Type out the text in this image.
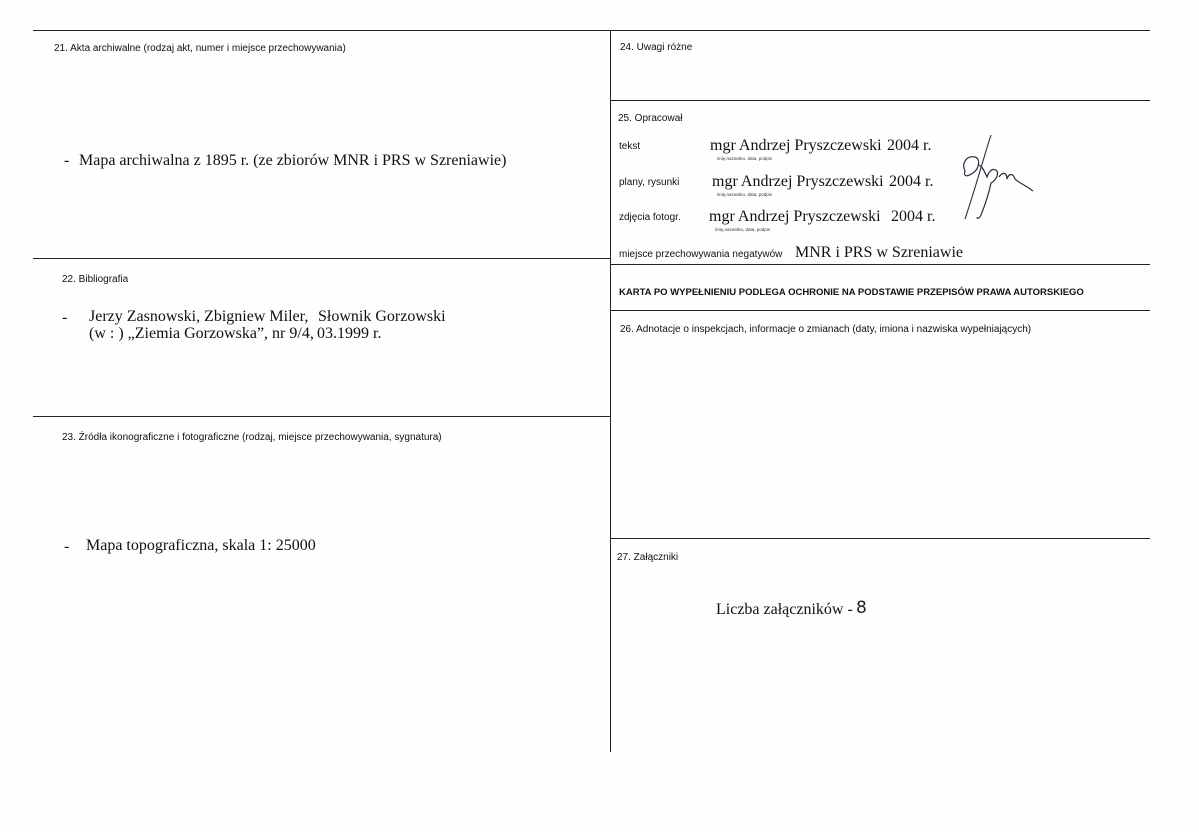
21. Akta archiwalne (rodzaj akt, numer i miejsce przechowywania)
- Mapa archiwalna z 1895 r. (ze zbiorów MNR i PRS w Szreniawie)
22. Bibliografia
- Jerzy Zasnowski, Zbigniew Miler, Słownik Gorzowski
(w : ) „Ziemia Gorzowska”, nr 9/4, 03.1999 r.
23. Źródła ikonograficzne i fotograficzne (rodzaj, miejsce przechowywania, sygnatura)
- Mapa topograficzna, skala 1: 25000
24. Uwagi różne
25. Opracował
tekst	mgr Andrzej Pryszczewski 2004 r.
imię,nazwisko, data, podpis
plany, rysunki mgr Andrzej Pryszczewski 2004 r.
imię,nazwisko, data, podpis
zdjęcia fotogr. mgr Andrzej Pryszczewski 2004 r.
imię,nazwisko, data, podpis
miejsce przechowywania negatywów MNR i PRS w Szreniawie
KARTA PO WYPEŁNIENIU PODLEGA OCHRONIE NA PODSTAWIE PRZEPISÓW PRAWA AUTORSKIEGO
26. Adnotacje o inspekcjach, informacje o zmianach (daty, imiona i nazwiska wypełniających)
27. Załączniki
Liczba załączników - 8
